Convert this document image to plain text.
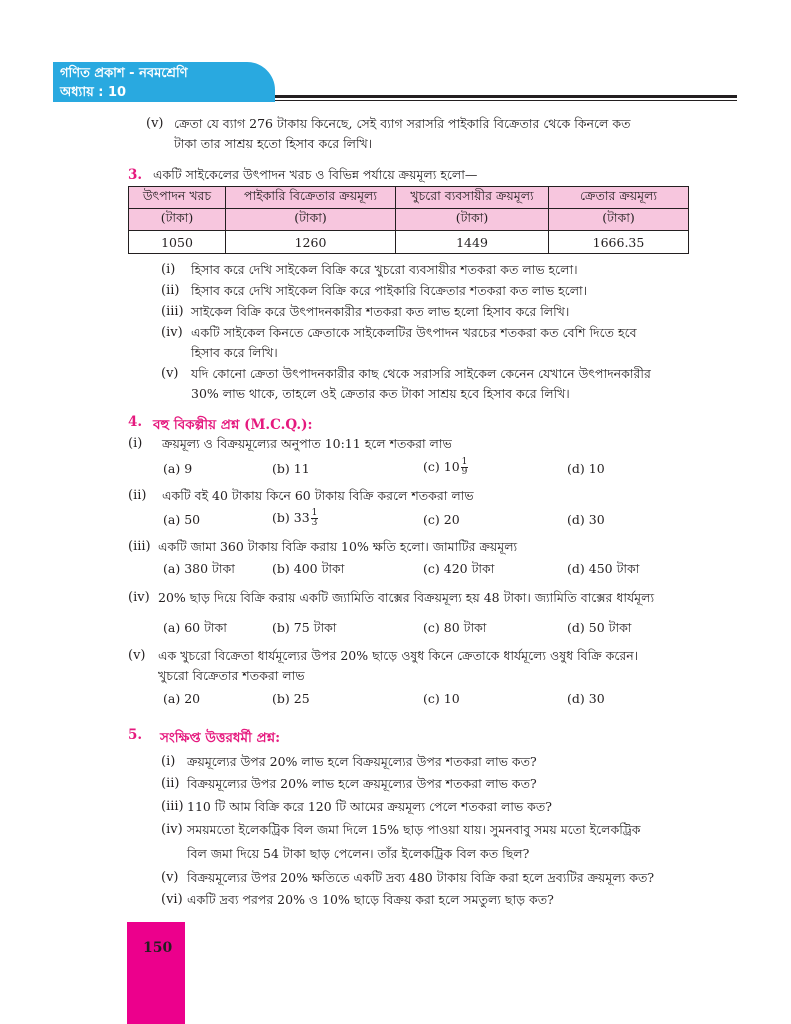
গণিত প্রকাশ - নবমশ্রেণি
অধ্যায় : 10
(v) ক্রেতা যে ব্যাগ 276 টাকায় কিনেছে, সেই ব্যাগ সরাসরি পাইকারি বিক্রেতার থেকে কিনলে কত
টাকা তার সাশ্রয় হতো হিসাব করে লিখি।
3. একটি সাইকেলের উৎপাদন খরচ ও বিভিন্ন পর্যায়ে ক্রয়মূল্য হলো—
উৎপাদন খরচ	পাইকারি বিক্রেতার ক্রয়মূল্য	খুচরো ব্যবসায়ীর ক্রয়মূল্য	ক্রেতার ক্রয়মূল্য
(টাকা)	(টাকা)	(টাকা)	(টাকা)
1050	1260	1449	1666.35
(i) হিসাব করে দেখি সাইকেল বিক্রি করে খুচরো ব্যবসায়ীর শতকরা কত লাভ হলো।
(ii) হিসাব করে দেখি সাইকেল বিক্রি করে পাইকারি বিক্রেতার শতকরা কত লাভ হলো।
(iii) সাইকেল বিক্রি করে উৎপাদনকারীর শতকরা কত লাভ হলো হিসাব করে লিখি।
(iv) একটি সাইকেল কিনতে ক্রেতাকে সাইকেলটির উৎপাদন খরচের শতকরা কত বেশি দিতে হবে
হিসাব করে লিখি।
(v) যদি কোনো ক্রেতা উৎপাদনকারীর কাছ থেকে সরাসরি সাইকেল কেনেন যেখানে উৎপাদনকারীর
30% লাভ থাকে, তাহলে ওই ক্রেতার কত টাকা সাশ্রয় হবে হিসাব করে লিখি।
4. বহু বিকল্পীয় প্রশ্ন (M.C.Q.):
(i) ক্রয়মূল্য ও বিক্রয়মূল্যের অনুপাত 10:11 হলে শতকরা লাভ
(a) 9	(b) 11	(c) $10 \frac{1}{9}$	(d) 10
(ii) একটি বই 40 টাকায় কিনে 60 টাকায় বিক্রি করলে শতকরা লাভ
(a) 50	(b) $33 \frac{1}{3}$	(c) 20	(d) 30
(iii) একটি জামা 360 টাকায় বিক্রি করায় 10% ক্ষতি হলো। জামাটির ক্রয়মূল্য
(a) 380 টাকা	(b) 400 টাকা	(c) 420 টাকা	(d) 450 টাকা
(iv) 20% ছাড় দিয়ে বিক্রি করায় একটি জ্যামিতি বাক্সের বিক্রয়মূল্য হয় 48 টাকা। জ্যামিতি বাক্সের ধার্যমূল্য
(a) 60 টাকা	(b) 75 টাকা	(c) 80 টাকা	(d) 50 টাকা
(v) এক খুচরো বিক্রেতা ধার্যমূল্যের উপর 20% ছাড়ে ওষুধ কিনে ক্রেতাকে ধার্যমূল্যে ওষুধ বিক্রি করেন।
খুচরো বিক্রেতার শতকরা লাভ
(a) 20	(b) 25	(c) 10	(d) 30
5. সংক্ষিপ্ত উত্তরধর্মী প্রশ্ন:
(i) ক্রয়মূল্যের উপর 20% লাভ হলে বিক্রয়মূল্যের উপর শতকরা লাভ কত?
(ii) বিক্রয়মূল্যের উপর 20% লাভ হলে ক্রয়মূল্যের উপর শতকরা লাভ কত?
(iii) 110 টি আম বিক্রি করে 120 টি আমের ক্রয়মূল্য পেলে শতকরা লাভ কত?
(iv) সময়মতো ইলেকট্রিক বিল জমা দিলে 15% ছাড় পাওয়া যায়। সুমনবাবু সময় মতো ইলেকট্রিক
বিল জমা দিয়ে 54 টাকা ছাড় পেলেন। তাঁর ইলেকট্রিক বিল কত ছিল?
(v) বিক্রয়মূল্যের উপর 20% ক্ষতিতে একটি দ্রব্য 480 টাকায় বিক্রি করা হলে দ্রব্যটির ক্রয়মূল্য কত?
(vi) একটি দ্রব্য পরপর 20% ও 10% ছাড়ে বিক্রয় করা হলে সমতুল্য ছাড় কত?
150
